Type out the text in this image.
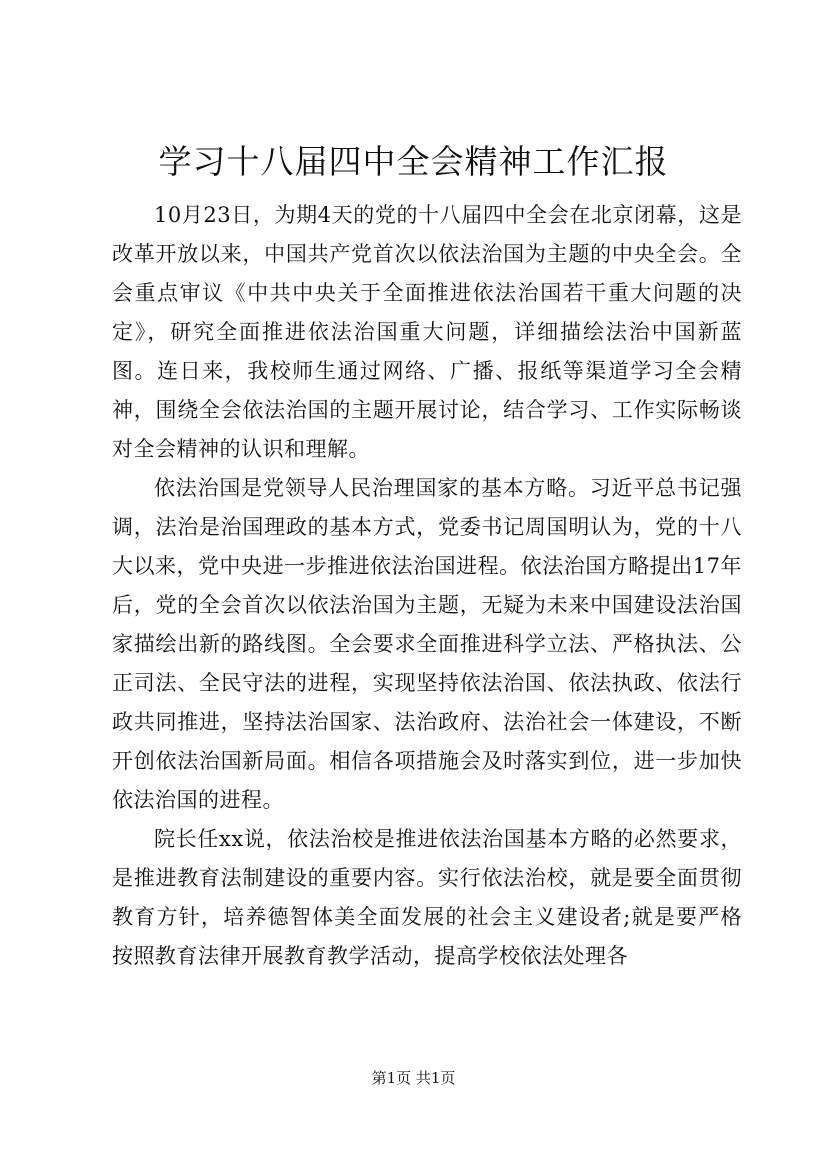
学习十八届四中全会精神工作汇报

10月23日，为期4天的党的十八届四中全会在北京闭幕，这是改革开放以来，中国共产党首次以依法治国为主题的中央全会。全会重点审议《中共中央关于全面推进依法治国若干重大问题的决定》，研究全面推进依法治国重大问题，详细描绘法治中国新蓝图。连日来，我校师生通过网络、广播、报纸等渠道学习全会精神，围绕全会依法治国的主题开展讨论，结合学习、工作实际畅谈对全会精神的认识和理解。

依法治国是党领导人民治理国家的基本方略。习近平总书记强调，法治是治国理政的基本方式，党委书记周国明认为，党的十八大以来，党中央进一步推进依法治国进程。依法治国方略提出17年后，党的全会首次以依法治国为主题，无疑为未来中国建设法治国家描绘出新的路线图。全会要求全面推进科学立法、严格执法、公正司法、全民守法的进程，实现坚持依法治国、依法执政、依法行政共同推进，坚持法治国家、法治政府、法治社会一体建设，不断开创依法治国新局面。相信各项措施会及时落实到位，进一步加快依法治国的进程。

院长任xx说，依法治校是推进依法治国基本方略的必然要求，是推进教育法制建设的重要内容。实行依法治校，就是要全面贯彻教育方针，培养德智体美全面发展的社会主义建设者;就是要严格按照教育法律开展教育教学活动，提高学校依法处理各

第1页 共1页
